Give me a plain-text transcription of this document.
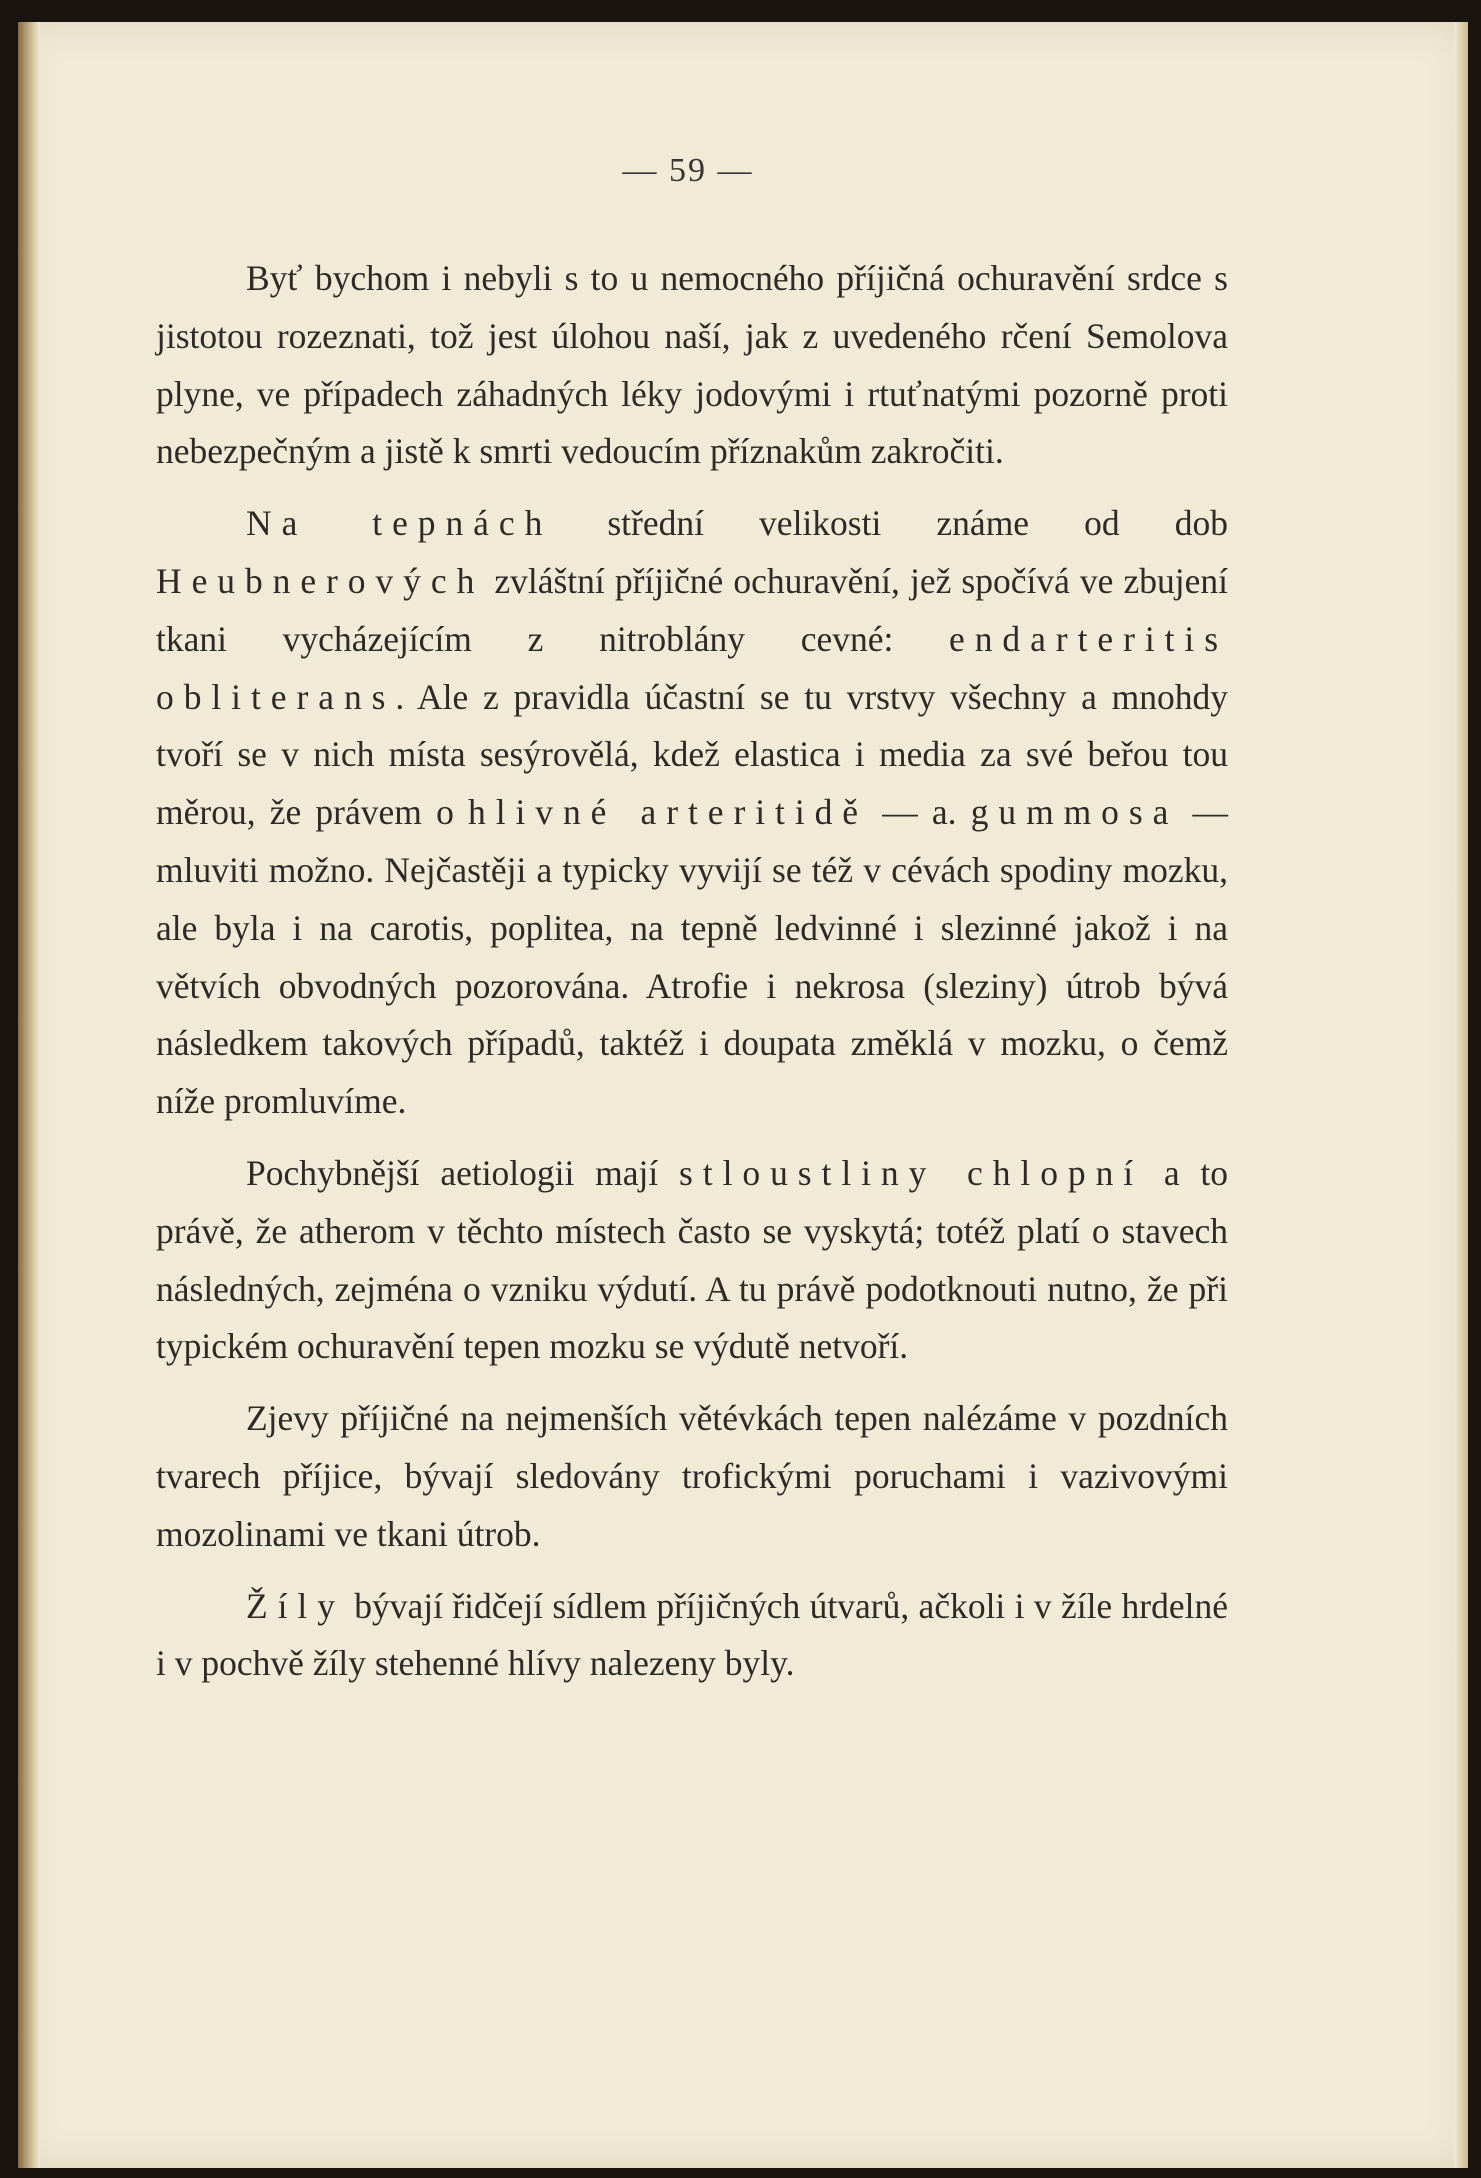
— 59 —

Byť bychom i nebyli s to u nemocného příjičná ochuravění srdce s jistotou rozeznati, tož jest úlohou naší, jak z uvedeného rčení Semolova plyne, ve případech záhadných léky jodovými i rtuťnatými pozorně proti nebezpečným a jistě k smrti vedoucím příznakům zakročiti.

Na tepnách střední velikosti známe od dob Heubnerových zvláštní příjičné ochuravění, jež spočívá ve zbujení tkani vycházejícím z nitroblány cevné: endarteritis obliterans. Ale z pravidla účastní se tu vrstvy všechny a mnohdy tvoří se v nich místa sesýrovělá, kdež elastica i media za své beřou tou měrou, že právem o hlivné arteritidě — a. gummosa — mluviti možno. Nejčastěji a typicky vyvijí se též v cévách spodiny mozku, ale byla i na carotis, poplitea, na tepně ledvinné i slezinné jakož i na větvích obvodných pozorována. Atrofie i nekrosa (sleziny) útrob bývá následkem takových případů, taktéž i doupata změklá v mozku, o čemž níže promluvíme.

Pochybnější aetiologii mají stloustliny chlopní a to právě, že atherom v těchto místech často se vyskytá; totéž platí o stavech následných, zejména o vzniku výdutí. A tu právě podotknouti nutno, že při typickém ochuravění tepen mozku se výdutě netvoří.

Zjevy příjičné na nejmenších větévkách tepen nalézáme v pozdních tvarech příjice, bývají sledovány trofickými poruchami i vazivovými mozolinami ve tkani útrob.

Žíly bývají řidčejí sídlem příjičných útvarů, ačkoli i v žíle hrdelné i v pochvě žíly stehenné hlívy nalezeny byly.
